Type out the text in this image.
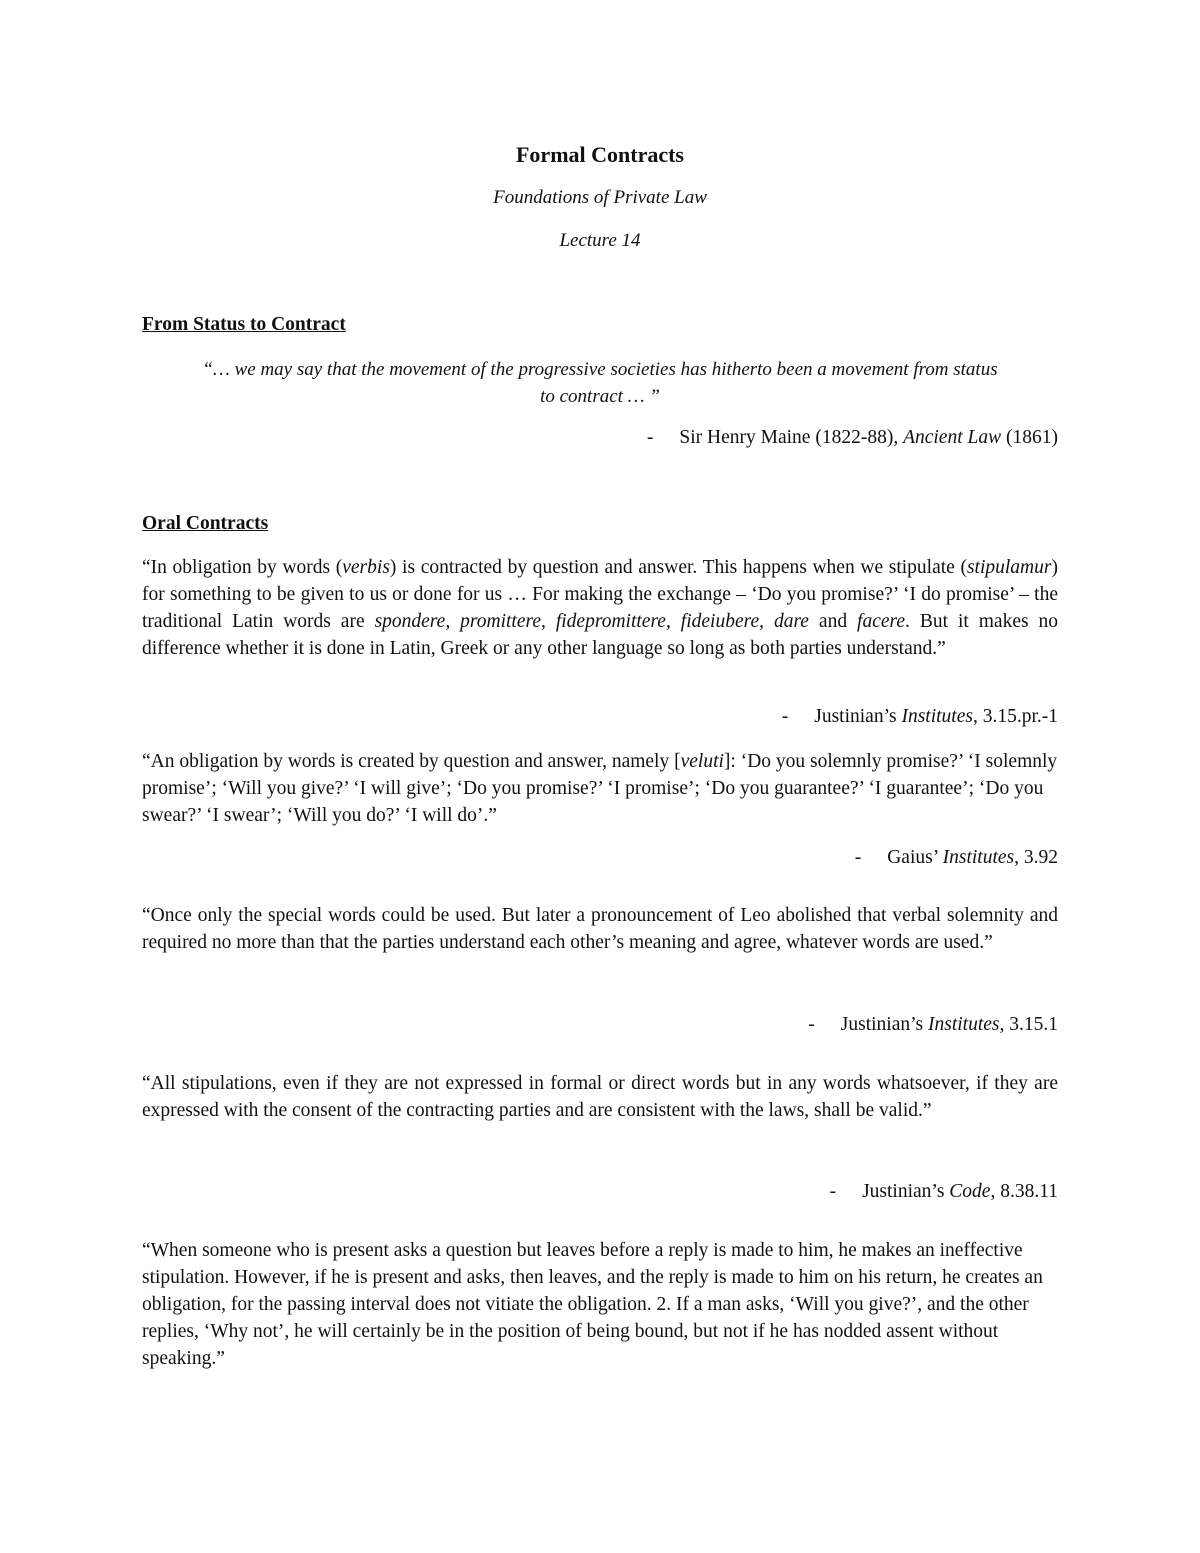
Formal Contracts
Foundations of Private Law
Lecture 14
From Status to Contract
“… we may say that the movement of the progressive societies has hitherto been a movement from status
to contract … ”
- Sir Henry Maine (1822-88), Ancient Law (1861)
Oral Contracts
“In obligation by words (verbis) is contracted by question and answer. This happens when we stipulate (stipulamur) for something to be given to us or done for us … For making the exchange – ‘Do you promise?’ ‘I do promise’ – the traditional Latin words are spondere, promittere, fidepromittere, fideiubere, dare and facere. But it makes no difference whether it is done in Latin, Greek or any other language so long as both parties understand.”
- Justinian’s Institutes, 3.15.pr.-1
“An obligation by words is created by question and answer, namely [veluti]: ‘Do you solemnly promise?’ ‘I solemnly promise’; ‘Will you give?’ ‘I will give’; ‘Do you promise?’ ‘I promise’; ‘Do you guarantee?’ ‘I guarantee’; ‘Do you swear?’ ‘I swear’; ‘Will you do?’ ‘I will do’.”
- Gaius’ Institutes, 3.92
“Once only the special words could be used. But later a pronouncement of Leo abolished that verbal solemnity and required no more than that the parties understand each other’s meaning and agree, whatever words are used.”
- Justinian’s Institutes, 3.15.1
“All stipulations, even if they are not expressed in formal or direct words but in any words whatsoever, if they are expressed with the consent of the contracting parties and are consistent with the laws, shall be valid.”
- Justinian’s Code, 8.38.11
“When someone who is present asks a question but leaves before a reply is made to him, he makes an ineffective stipulation. However, if he is present and asks, then leaves, and the reply is made to him on his return, he creates an obligation, for the passing interval does not vitiate the obligation. 2. If a man asks, ‘Will you give?’, and the other replies, ‘Why not’, he will certainly be in the position of being bound, but not if he has nodded assent without speaking.”
